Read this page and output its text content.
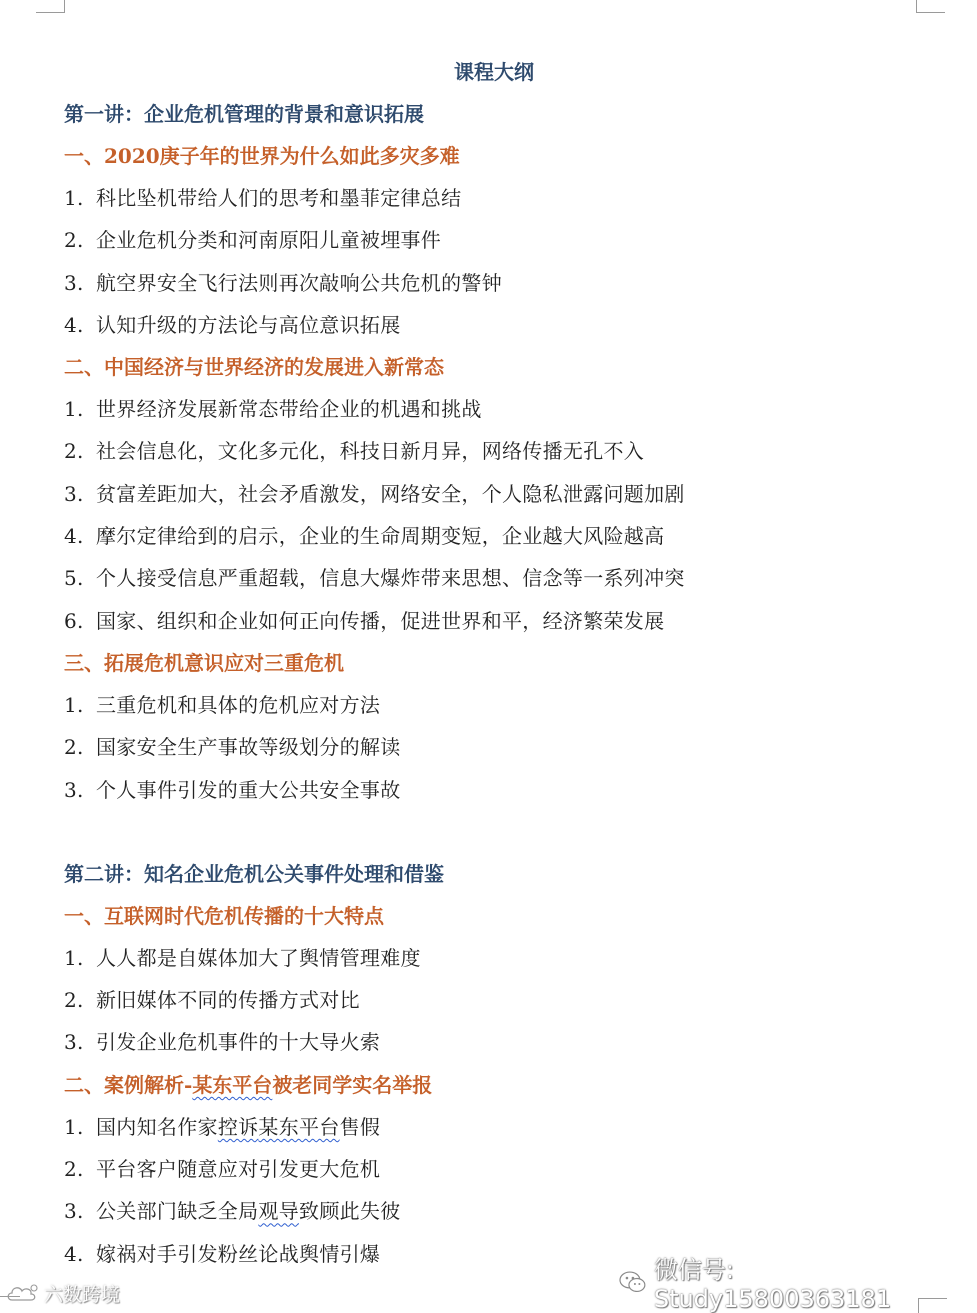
课程大纲
第一讲：企业危机管理的背景和意识拓展
一、2020庚子年的世界为什么如此多灾多难
1. 科比坠机带给人们的思考和墨菲定律总结
2. 企业危机分类和河南原阳儿童被埋事件
3. 航空界安全飞行法则再次敲响公共危机的警钟
4. 认知升级的方法论与高位意识拓展
二、中国经济与世界经济的发展进入新常态
1. 世界经济发展新常态带给企业的机遇和挑战
2. 社会信息化，文化多元化，科技日新月异，网络传播无孔不入
3. 贫富差距加大，社会矛盾激发，网络安全，个人隐私泄露问题加剧
4. 摩尔定律给到的启示，企业的生命周期变短，企业越大风险越高
5. 个人接受信息严重超载，信息大爆炸带来思想、信念等一系列冲突
6. 国家、组织和企业如何正向传播，促进世界和平，经济繁荣发展
三、拓展危机意识应对三重危机
1. 三重危机和具体的危机应对方法
2. 国家安全生产事故等级划分的解读
3. 个人事件引发的重大公共安全事故
第二讲：知名企业危机公关事件处理和借鉴
一、互联网时代危机传播的十大特点
1. 人人都是自媒体加大了舆情管理难度
2. 新旧媒体不同的传播方式对比
3. 引发企业危机事件的十大导火索
二、案例解析-某东平台被老同学实名举报
1. 国内知名作家控诉某东平台售假
2. 平台客户随意应对引发更大危机
3. 公关部门缺乏全局观导致顾此失彼
4. 嫁祸对手引发粉丝论战舆情引爆
微信号: Study15800363181
六数跨境
